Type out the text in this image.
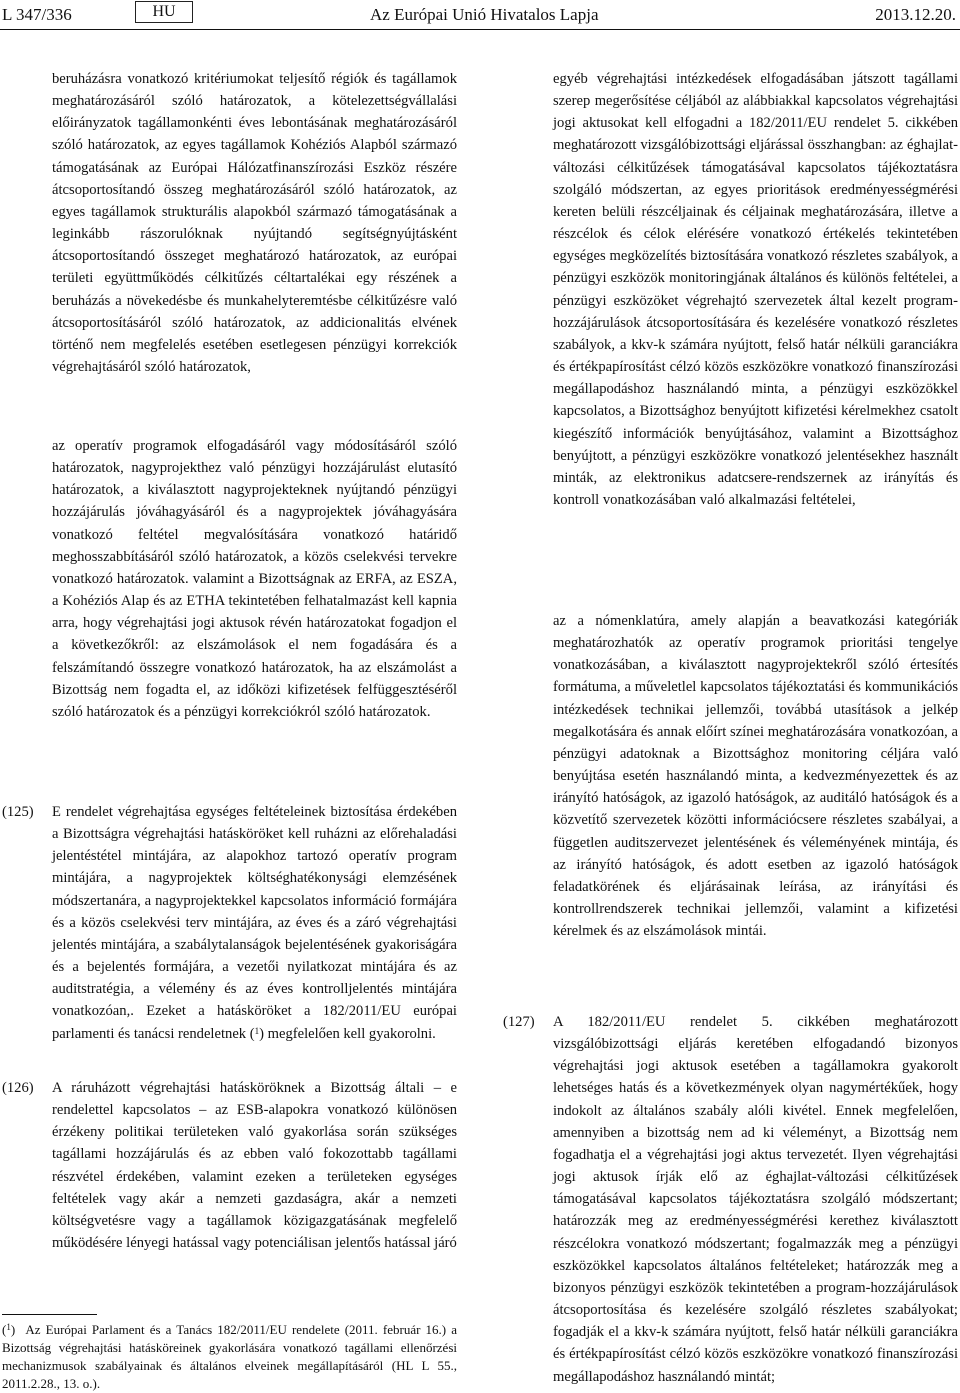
L 347/336	HU	Az Európai Unió Hivatalos Lapja	2013.12.20.

beruházásra vonatkozó kritériumokat teljesítő régiók és tagállamok meghatározásáról szóló határozatok, a kötelezettségvállalási előirányzatok tagállamonkénti éves lebontásának meghatározásáról szóló határozatok, az egyes tagállamok Kohéziós Alapból származó támogatásának az Európai Hálózatfinanszírozási Eszköz részére átcsoportosítandó összeg meghatározásáról szóló határozatok, az egyes tagállamok strukturális alapokból származó támogatásának a leginkább rászorulóknak nyújtandó segítségnyújtásként átcsoportosítandó összeget meghatározó határozatok, az európai területi együttműködés célkitűzés céltartalékai egy részének a beruházás a növekedésbe és munkahelyteremtésbe célkitűzésre való átcsoportosításáról szóló határozatok, az addicionalitás elvének történő nem megfelelés esetében esetlegesen pénzügyi korrekciók végrehajtásáról szóló határozatok,

az operatív programok elfogadásáról vagy módosításáról szóló határozatok, nagyprojekthez való pénzügyi hozzájárulást elutasító határozatok, a kiválasztott nagyprojekteknek nyújtandó pénzügyi hozzájárulás jóváhagyásáról és a nagyprojektek jóváhagyására vonatkozó feltétel megvalósítására vonatkozó határidő meghosszabbításáról szóló határozatok, a közös cselekvési tervekre vonatkozó határozatok. valamint a Bizottságnak az ERFA, az ESZA, a Kohéziós Alap és az ETHA tekintetében felhatalmazást kell kapnia arra, hogy végrehajtási jogi aktusok révén határozatokat fogadjon el a következőkről: az elszámolások el nem fogadására és a felszámítandó összegre vonatkozó határozatok, ha az elszámolást a Bizottság nem fogadta el, az időközi kifizetések felfüggesztéséről szóló határozatok és a pénzügyi korrekciókról szóló határozatok.

(125) E rendelet végrehajtása egységes feltételeinek biztosítása érdekében a Bizottságra végrehajtási hatásköröket kell ruházni az előrehaladási jelentéstétel mintájára, az alapokhoz tartozó operatív program mintájára, a nagyprojektek költséghatékonysági elemzésének módszertanára, a nagyprojektekkel kapcsolatos információ formájára és a közös cselekvési terv mintájára, az éves és a záró végrehajtási jelentés mintájára, a szabálytalanságok bejelentésének gyakoriságára és a bejelentés formájára, a vezetői nyilatkozat mintájára és az auditstratégia, a vélemény és az éves kontrolljelentés mintájára vonatkozóan,. Ezeket a hatásköröket a 182/2011/EU európai parlamenti és tanácsi rendeletnek ($^1$) megfelelően kell gyakorolni.

(126) A ráruházott végrehajtási hatásköröknek a Bizottság általi – e rendelettel kapcsolatos – az ESB-alapokra vonatkozó különösen érzékeny politikai területeken való gyakorlása során szükséges tagállami hozzájárulás és az ebben való fokozottabb tagállami részvétel érdekében, valamint ezeken a területeken egységes feltételek vagy akár a nemzeti gazdaságra, akár a nemzeti költségvetésre vagy a tagállamok közigazgatásának megfelelő működésére lényegi hatással vagy potenciálisan jelentős hatással járó

($^1$)  Az Európai Parlament és a Tanács 182/2011/EU rendelete (2011. február 16.) a Bizottság végrehajtási hatásköreinek gyakorlására vonatkozó tagállami ellenőrzési mechanizmusok szabályainak és általános elveinek megállapításáról (HL L 55., 2011.2.28., 13. o.).

egyéb végrehajtási intézkedések elfogadásában játszott tagállami szerep megerősítése céljából az alábbiakkal kapcsolatos végrehajtási jogi aktusokat kell elfogadni a 182/2011/EU rendelet 5. cikkében meghatározott vizsgálóbizottsági eljárással összhangban: az éghajlat-változási célkitűzések támogatásával kapcsolatos tájékoztatásra szolgáló módszertan, az egyes prioritások eredményességmérési kereten belüli részcéljainak és céljainak meghatározására, illetve a részcélok és célok elérésére vonatkozó értékelés tekintetében egységes megközelítés biztosítására vonatkozó részletes szabályok, a pénzügyi eszközök monitoringjának általános és különös feltételei, a pénzügyi eszközöket végrehajtó szervezetek által kezelt program-hozzájárulások átcsoportosítására és kezelésére vonatkozó részletes szabályok, a kkv-k számára nyújtott, felső határ nélküli garanciákra és értékpapírosítást célzó közös eszközökre vonatkozó finanszírozási megállapodáshoz használandó minta, a pénzügyi eszközökkel kapcsolatos, a Bizottsághoz benyújtott kifizetési kérelmekhez csatolt kiegészítő információk benyújtásához, valamint a Bizottsághoz benyújtott, a pénzügyi eszközökre vonatkozó jelentésekhez használt minták, az elektronikus adatcsere-rendszernek az irányítás és kontroll vonatkozásában való alkalmazási feltételei,

az a nómenklatúra, amely alapján a beavatkozási kategóriák meghatározhatók az operatív programok prioritási tengelye vonatkozásában, a kiválasztott nagyprojektekről szóló értesítés formátuma, a műveletlel kapcsolatos tájékoztatási és kommunikációs intézkedések technikai jellemzői, továbbá utasítások a jelkép megalkotására és annak előírt színei meghatározására vonatkozóan, a pénzügyi adatoknak a Bizottsághoz monitoring céljára való benyújtása esetén használandó minta, a kedvezményezettek és az irányító hatóságok, az igazoló hatóságok, az auditáló hatóságok és a közvetítő szervezetek közötti információcsere részletes szabályai, a független auditszervezet jelentésének és véleményének mintája, és az irányító hatóságok, és adott esetben az igazoló hatóságok feladatkörének és eljárásainak leírása, az irányítási és kontrollrendszerek technikai jellemzői, valamint a kifizetési kérelmek és az elszámolások mintái.

(127) A 182/2011/EU rendelet 5. cikkében meghatározott vizsgálóbizottsági eljárás keretében elfogadandó bizonyos végrehajtási jogi aktusok esetében a tagállamokra gyakorolt lehetséges hatás és a következmények olyan nagymértékűek, hogy indokolt az általános szabály alóli kivétel. Ennek megfelelően, amennyiben a bizottság nem ad ki véleményt, a Bizottság nem fogadhatja el a végrehajtási jogi aktus tervezetét. Ilyen végrehajtási jogi aktusok írják elő az éghajlat-változási célkitűzések támogatásával kapcsolatos tájékoztatásra szolgáló módszertant; határozzák meg az eredményességmérési kerethez kiválasztott részcélokra vonatkozó módszertant; fogalmazzák meg a pénzügyi eszközökkel kapcsolatos általános feltételeket; határozzák meg a bizonyos pénzügyi eszközök tekintetében a program-hozzájárulások átcsoportosítása és kezelésére szolgáló részletes szabályokat; fogadják el a kkv-k számára nyújtott, felső határ nélküli garanciákra és értékpapírosítást célzó közös eszközökre vonatkozó finanszírozási megállapodáshoz használandó mintát;
